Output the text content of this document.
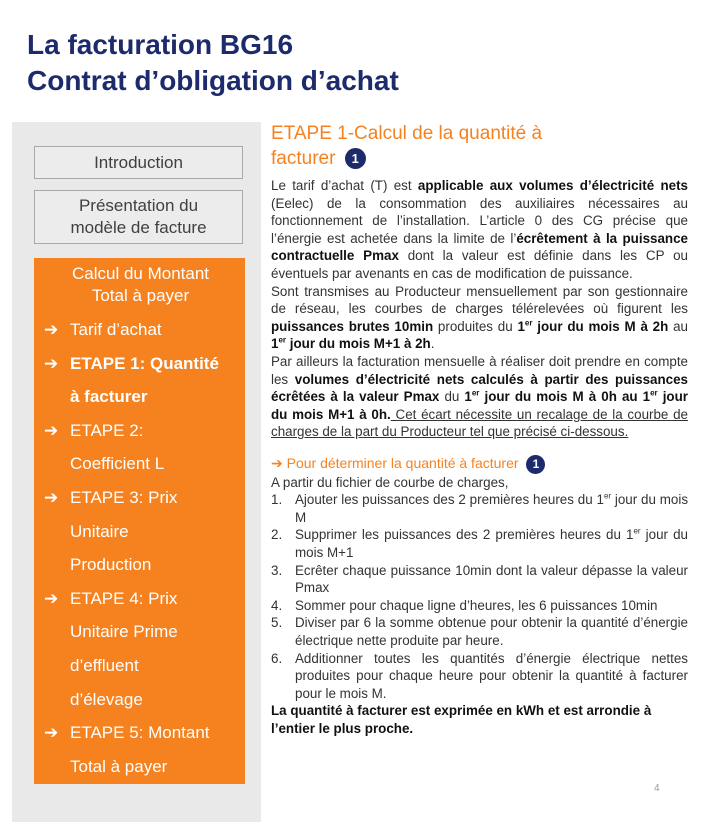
La facturation BG16
Contrat d’obligation d’achat
Introduction
Présentation du
modèle de facture
Calcul du Montant
Total à payer
➔ Tarif d’achat
➔ ETAPE 1: Quantité
à facturer
➔ ETAPE 2:
Coefficient L
➔ ETAPE 3: Prix
Unitaire
Production
➔ ETAPE 4: Prix
Unitaire Prime
d’effluent
d’élevage
➔ ETAPE 5: Montant
Total à payer
ETAPE 1-Calcul de la quantité à
facturer 1

Le tarif d’achat (T) est applicable aux volumes d’électricité nets (Eelec) de la consommation des auxiliaires nécessaires au fonctionnement de l’installation. L’article 0 des CG précise que l’énergie est achetée dans la limite de l’écrêtement à la puissance contractuelle Pmax dont la valeur est définie dans les CP ou éventuels par avenants en cas de modification de puissance.

Sont transmises au Producteur mensuellement par son gestionnaire de réseau, les courbes de charges télérelevées où figurent les puissances brutes 10min produites du 1er jour du mois M à 2h au 1er jour du mois M+1 à 2h.

Par ailleurs la facturation mensuelle à réaliser doit prendre en compte les volumes d’électricité nets calculés à partir des puissances écrêtées à la valeur Pmax du 1er jour du mois M à 0h au 1er jour du mois M+1 à 0h. Cet écart nécessite un recalage de la courbe de charges de la part du Producteur tel que précisé ci-dessous.

➔ Pour déterminer la quantité à facturer 1

A partir du fichier de courbe de charges,

1. Ajouter les puissances des 2 premières heures du 1er jour du mois M
2. Supprimer les puissances des 2 premières heures du 1er jour du mois M+1
3. Ecrêter chaque puissance 10min dont la valeur dépasse la valeur Pmax
4. Sommer pour chaque ligne d’heures, les 6 puissances 10min
5. Diviser par 6 la somme obtenue pour obtenir la quantité d’énergie électrique nette produite par heure.
6. Additionner toutes les quantités d’énergie électrique nettes produites pour chaque heure pour obtenir la quantité à facturer pour le mois M.

La quantité à facturer est exprimée en kWh et est arrondie à l’entier le plus proche.

4
